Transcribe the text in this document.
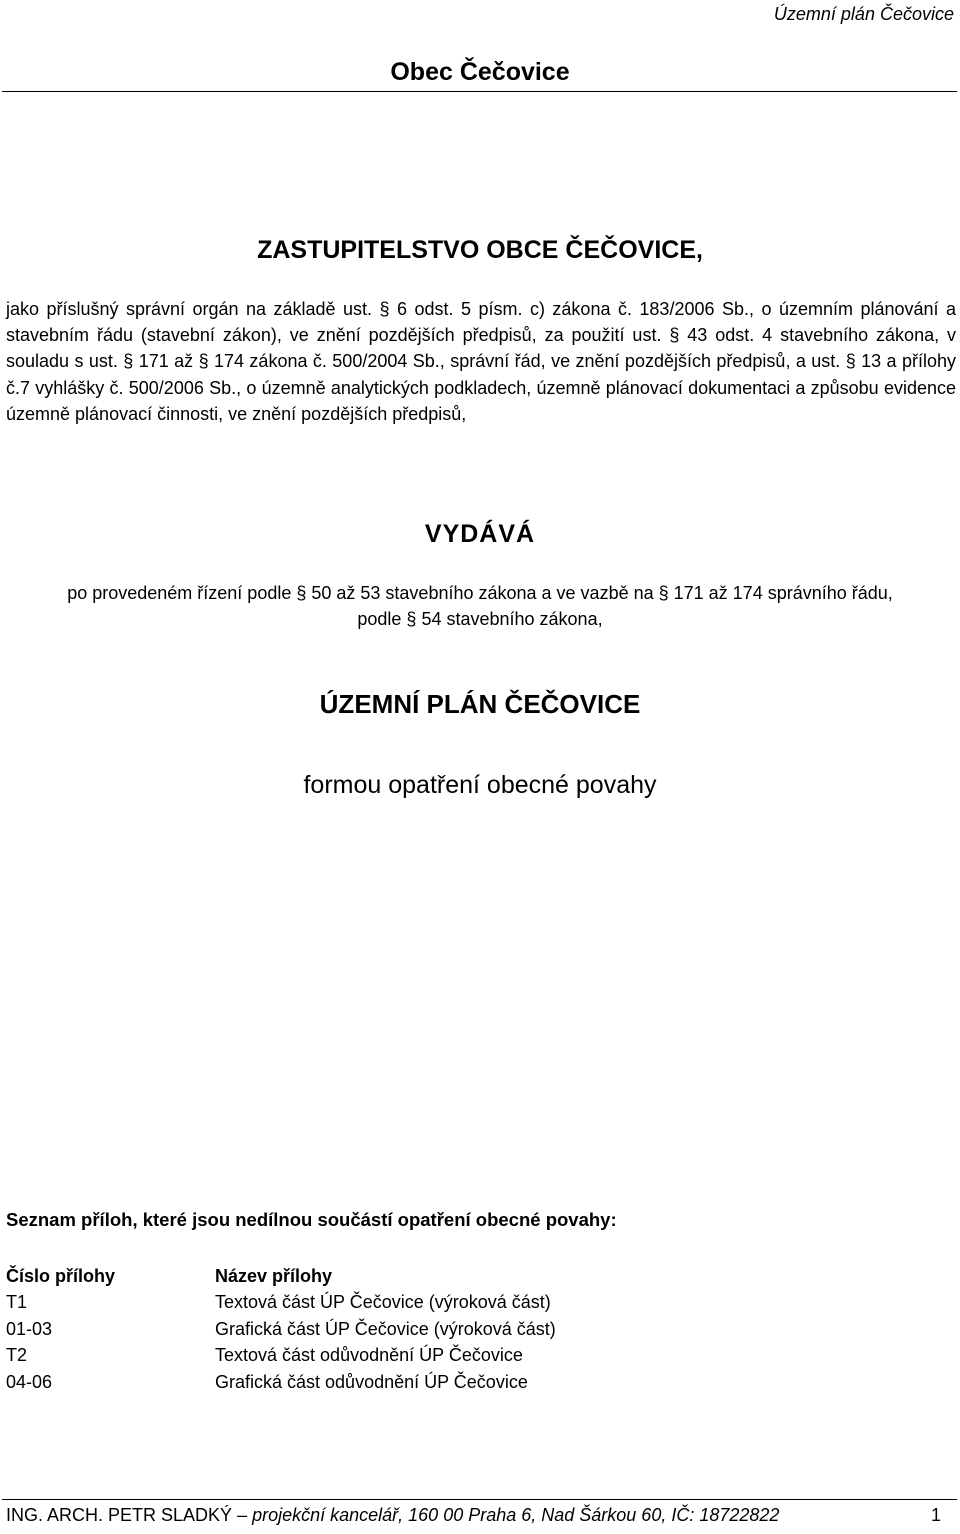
Územní plán Čečovice
Obec Čečovice
ZASTUPITELSTVO OBCE ČEČOVICE,
jako příslušný správní orgán na základě ust. § 6 odst. 5 písm. c) zákona č. 183/2006 Sb., o územním plánování a stavebním řádu (stavební zákon), ve znění pozdějších předpisů, za použití ust. § 43 odst. 4 stavebního zákona, v souladu s ust. § 171 až § 174 zákona č. 500/2004 Sb., správní řád, ve znění pozdějších předpisů, a ust. § 13 a přílohy č.7 vyhlášky č. 500/2006 Sb., o územně analytických podkladech, územně plánovací dokumentaci a způsobu evidence územně plánovací činnosti, ve znění pozdějších předpisů,
VYDÁVÁ
po provedeném řízení podle § 50 až 53 stavebního zákona a ve vazbě na § 171 až 174 správního řádu, podle § 54 stavebního zákona,
ÚZEMNÍ PLÁN ČEČOVICE
formou opatření obecné povahy
Seznam příloh, které jsou nedílnou součástí opatření obecné povahy:
Číslo přílohy	Název přílohy
T1	Textová část ÚP Čečovice (výroková část)
01-03	Grafická část ÚP Čečovice (výroková část)
T2	Textová část odůvodnění ÚP Čečovice
04-06	Grafická část odůvodnění ÚP Čečovice
ING. ARCH. PETR SLADKÝ – projekční kancelář, 160 00 Praha 6, Nad Šárkou 60, IČ: 18722822	1
